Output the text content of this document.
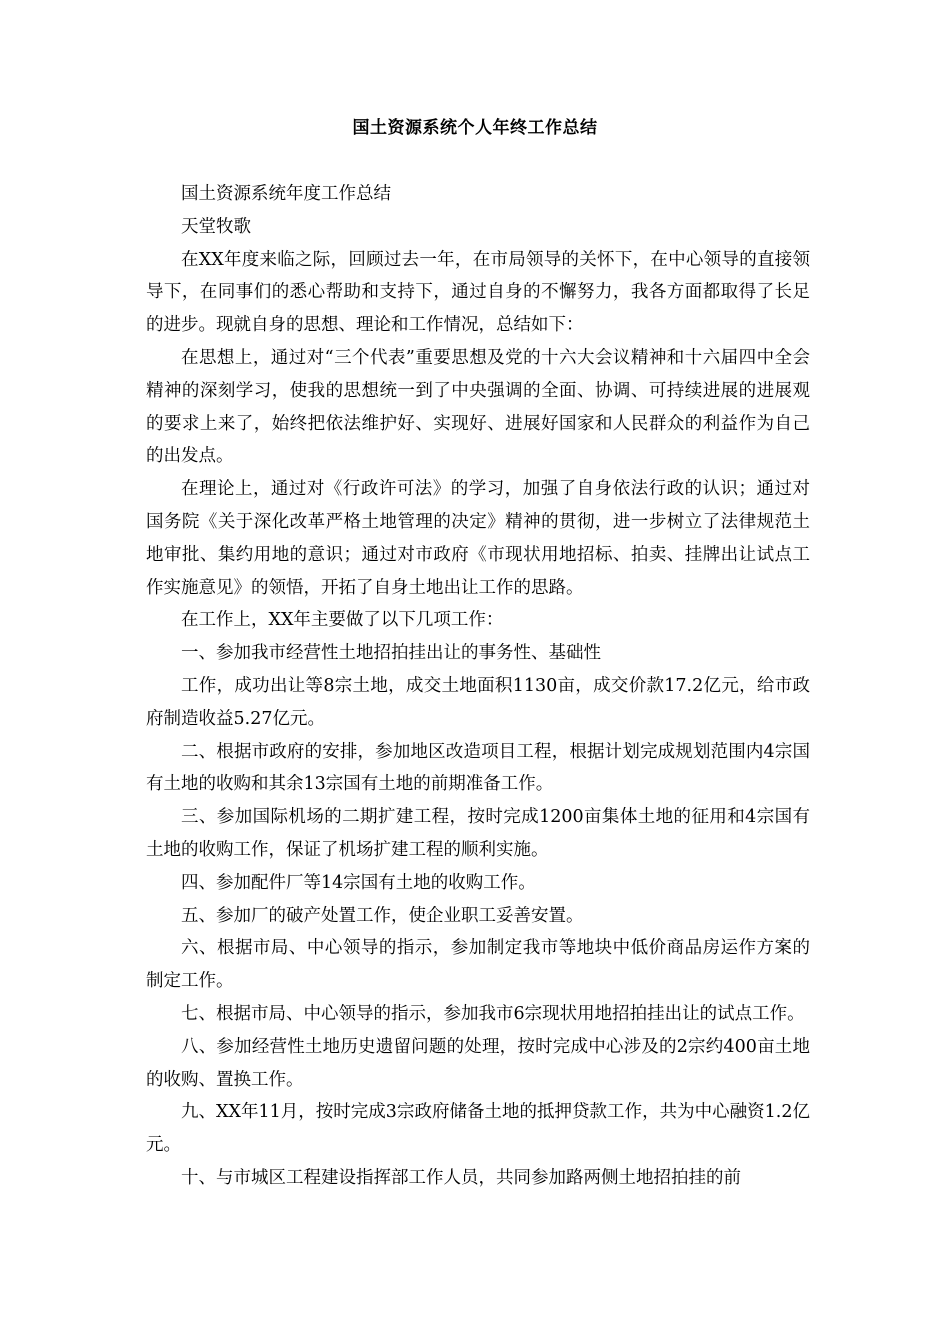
国土资源系统个人年终工作总结

国土资源系统年度工作总结

天堂牧歌

在XX年度来临之际，回顾过去一年，在市局领导的关怀下，在中心领导的直接领导下，在同事们的悉心帮助和支持下，通过自身的不懈努力，我各方面都取得了长足的进步。现就自身的思想、理论和工作情况，总结如下：

在思想上，通过对“三个代表”重要思想及党的十六大会议精神和十六届四中全会精神的深刻学习，使我的思想统一到了中央强调的全面、协调、可持续进展的进展观的要求上来了，始终把依法维护好、实现好、进展好国家和人民群众的利益作为自己的出发点。

在理论上，通过对《行政许可法》的学习，加强了自身依法行政的认识；通过对国务院《关于深化改革严格土地管理的决定》精神的贯彻，进一步树立了法律规范土地审批、集约用地的意识；通过对市政府《市现状用地招标、拍卖、挂牌出让试点工作实施意见》的领悟，开拓了自身土地出让工作的思路。

在工作上，XX年主要做了以下几项工作：

一、参加我市经营性土地招拍挂出让的事务性、基础性

工作，成功出让等8宗土地，成交土地面积1130亩，成交价款17.2亿元，给市政府制造收益5.27亿元。

二、根据市政府的安排，参加地区改造项目工程，根据计划完成规划范围内4宗国有土地的收购和其余13宗国有土地的前期准备工作。

三、参加国际机场的二期扩建工程，按时完成1200亩集体土地的征用和4宗国有土地的收购工作，保证了机场扩建工程的顺利实施。

四、参加配件厂等14宗国有土地的收购工作。

五、参加厂的破产处置工作，使企业职工妥善安置。

六、根据市局、中心领导的指示，参加制定我市等地块中低价商品房运作方案的制定工作。

七、根据市局、中心领导的指示，参加我市6宗现状用地招拍挂出让的试点工作。

八、参加经营性土地历史遗留问题的处理，按时完成中心涉及的2宗约400亩土地的收购、置换工作。

九、XX年11月，按时完成3宗政府储备土地的抵押贷款工作，共为中心融资1.2亿元。

十、与市城区工程建设指挥部工作人员，共同参加路两侧土地招拍挂的前
